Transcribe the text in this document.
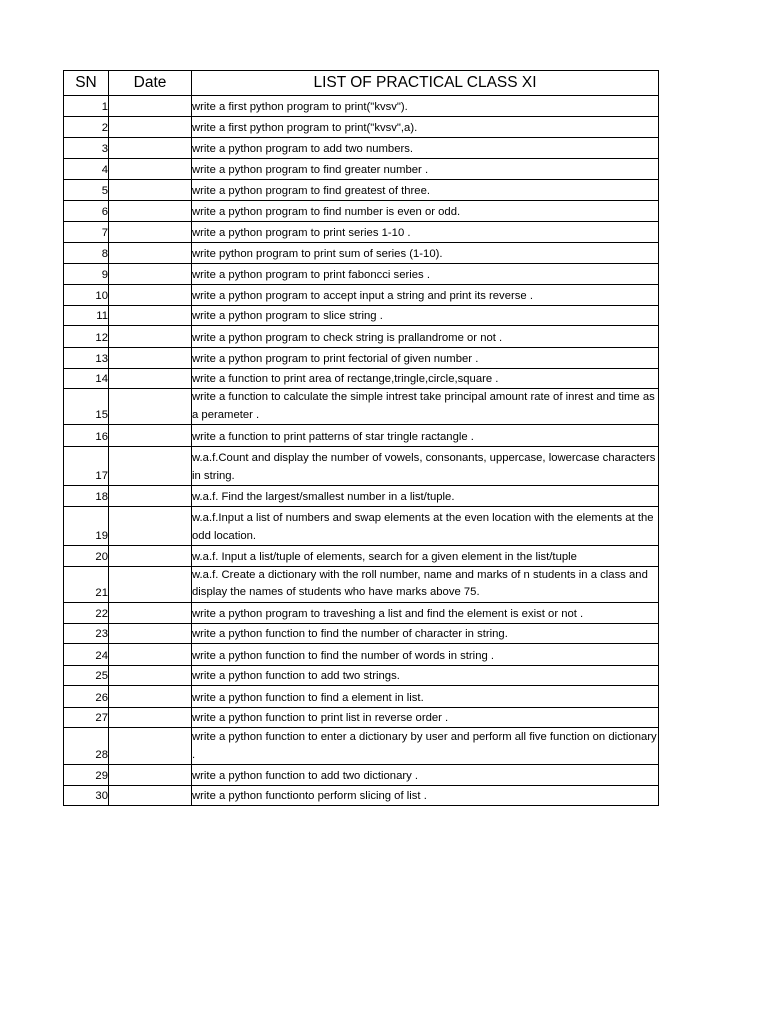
SN	Date	LIST OF PRACTICAL CLASS XI
1		write a first python program to print("kvsv").
2		write a first python program to print("kvsv",a).
3		write a python program to add two numbers.
4		write a python program to find greater number .
5		write a python program to find greatest of three.
6		write a python program to find number is even or odd.
7		write a python program to print series 1-10 .
8		write python program to print sum of series (1-10).
9		write a python program to print faboncci series .
10		write a python program to accept input a string and print its reverse .
11		write a python program to slice string .
12		write a python program to check string is prallandrome or not .
13		write a python program to print fectorial of given number .
14		write a function to print area of rectange,tringle,circle,square .
15		write a function to calculate the simple intrest take principal amount rate of inrest and time as a perameter .
16		write a function to print patterns of star tringle ractangle .
17		w.a.f.Count and display the number of vowels, consonants, uppercase, lowercase characters in string.
18		w.a.f. Find the largest/smallest number in a list/tuple.
19		w.a.f.Input a list of numbers and swap elements at the even location with the elements at the odd location.
20		w.a.f. Input a list/tuple of elements, search for a given element in the list/tuple
21		w.a.f. Create a dictionary with the roll number, name and marks of n students in a class and display the names of students who have marks above 75.
22		write a python program to traveshing a list and find the element is exist or not .
23		write a python function to find the number of character in string.
24		write a python function to find the number of words in string .
25		write a python function to add two strings.
26		write a python function to find a element in list.
27		write a python function to print list in reverse order .
28		write a python function to enter a dictionary by user and perform all five function on dictionary .
29		write a python function to add two dictionary .
30		write a python functionto perform slicing of list .
